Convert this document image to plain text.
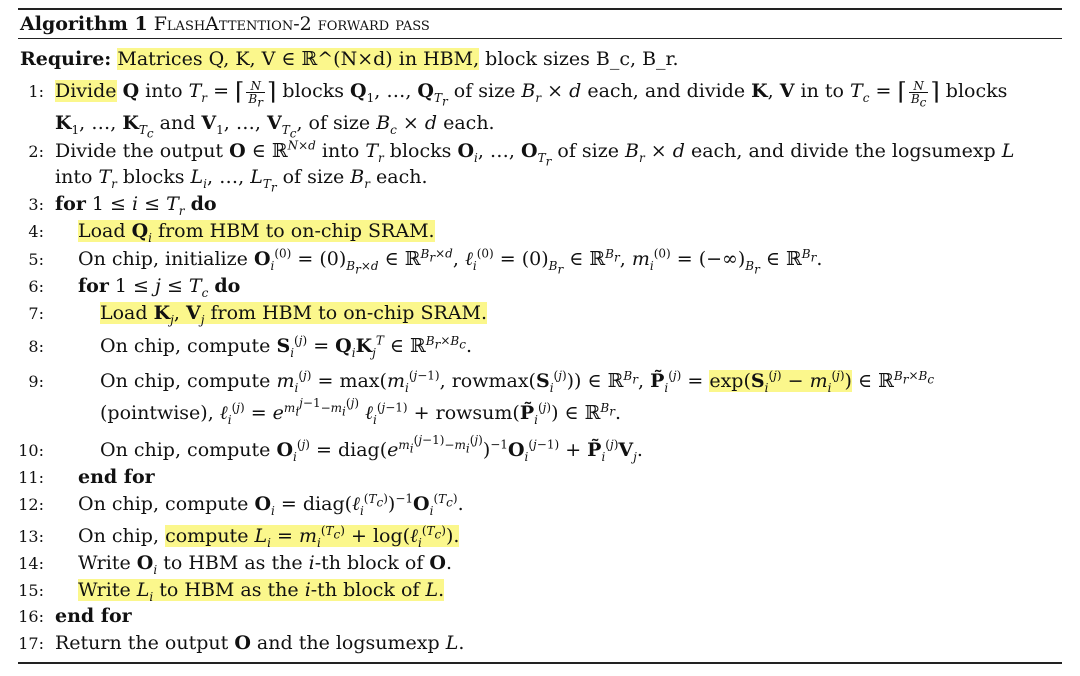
Algorithm 1 FlashAttention-2 forward pass
Require: Matrices Q, K, V ∈ ℝ^(N×d) in HBM, block sizes B_c, B_r.
1: Divide Q into $T_r$ = ⌈ $\frac{N}{B_r}$ ⌉ blocks $Q_1$, …, $Q_{T_r}$ of size $B_r \times d$ each, and divide K, V in to $T_c$ = ⌈ $\frac{N}{B_c}$ ⌉ blocks
$K_1$, …, $K_{T_c}$ and $V_1$, …, $V_{T_c}$, of size $B_c \times d$ each.
2: Divide the output O ∈ ℝ$^{N\times d}$ into $T_r$ blocks $O_i$, …, $O_{T_r}$ of size $B_r \times d$ each, and divide the logsumexp L
into $T_r$ blocks $L_i$, …, $L_{T_r}$ of size $B_r$ each.
3: for $1 \le i \le T_r$ do
4: Load $Q_i$ from HBM to on-chip SRAM.
5: On chip, initialize $O_i^{(0)} = (0)_{B_r\times d}$ ∈ ℝ$^{B_r\times d}$, ℓ$_i^{(0)}$ = $(0)_{B_r}$ ∈ ℝ$^{B_r}$, $m_i^{(0)} = (-\infty)_{B_r}$ ∈ ℝ$^{B_r}$.
6: for $1 \le j \le T_c$ do
7:	Load $K_j$, $V_j$ from HBM to on-chip SRAM.
8:	On chip, compute $S_i^{(j)} = Q_iK_j^T$ ∈ ℝ$^{B_r\times B_c}$.
9:	On chip, compute $m_i^{(j)} = \max(m_i^{(j-1)}$, $rowmax(S_i^{(j)})$) ∈ ℝ$^{B_r}$, $P̃_i^{(j)} = \exp(S_i^{(j)} - m_i^{(j)})$ ∈ ℝ$^{B_r\times B_c}$
(pointwise), ℓ$_i^{(j)}$ = $e^{m_i^{j-1}-m_i^{(j)}}$ ℓ$_i^{(j-1)}$ + $rowsum(P̃_i^{(j)})$ ∈ ℝ$^{B_r}$.
10:	On chip, compute $O_i^{(j)}$ = $diag(e^{m_i^{(j-1)}-m_i^{(j)}})^{-1}O_i^{(j-1)}$ + $P̃_i^{(j)}V_j$.
11: end for
12: On chip, compute $O_i$ = $diag(\ell_i^{(T_c)})^{-1}O_i^{(T_c)}$.
13: On chip, compute $L_i = m_i^{(T_c)}$ + log(ℓ$_i^{(T_c)}$).
14: Write $O_i$ to HBM as the i-th block of O.
15: Write $L_i$ to HBM as the i-th block of L.
16: end for
17: Return the output O and the logsumexp L.
